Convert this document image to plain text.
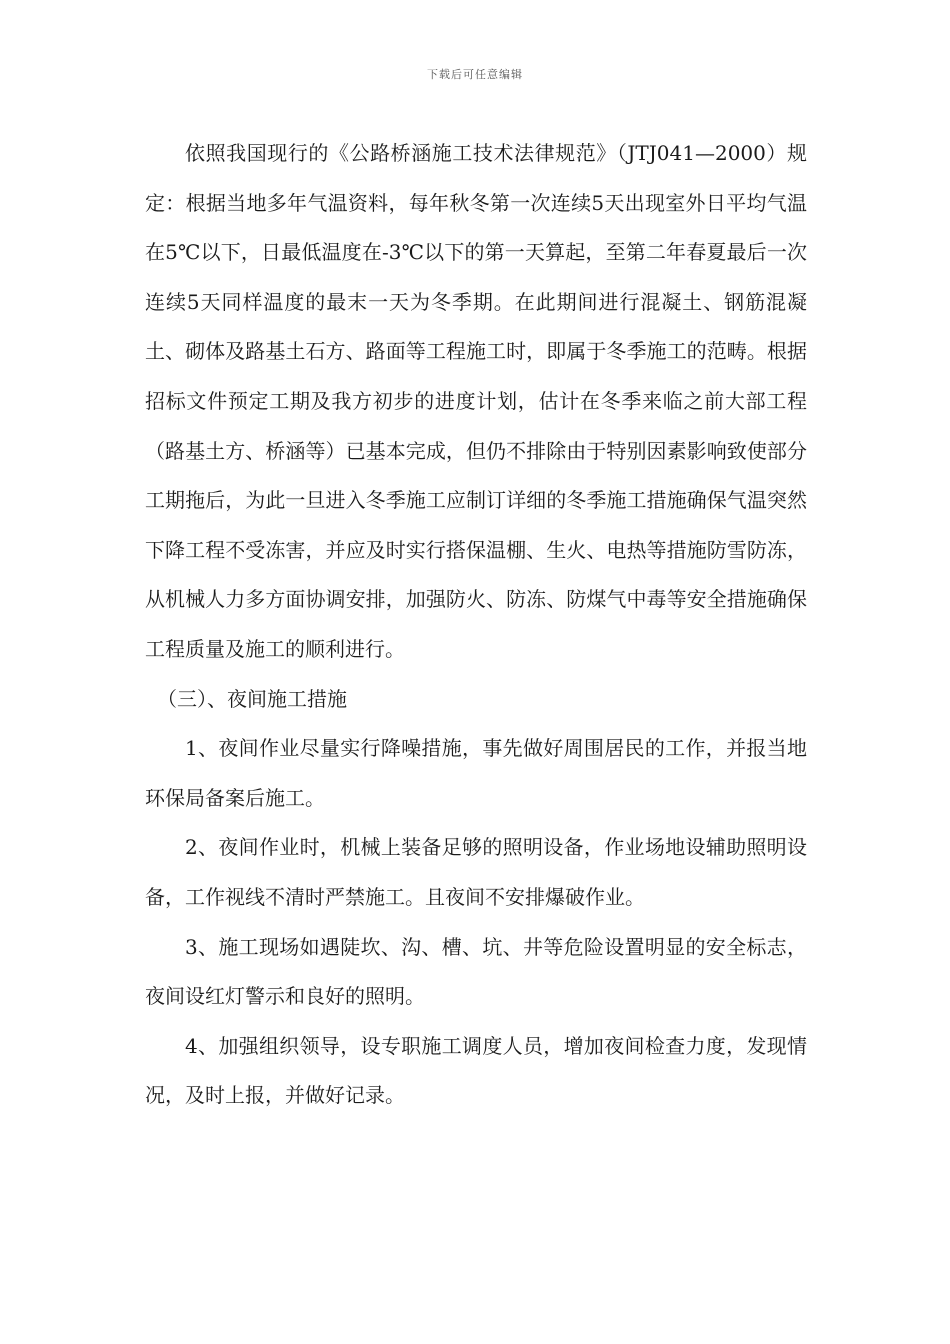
下载后可任意编辑

依照我国现行的《公路桥涵施工技术法律规范》（JTJ041—2000）规定：根据当地多年气温资料，每年秋冬第一次连续5天出现室外日平均气温在5℃以下，日最低温度在-3℃以下的第一天算起，至第二年春夏最后一次连续5天同样温度的最末一天为冬季期。在此期间进行混凝土、钢筋混凝土、砌体及路基土石方、路面等工程施工时，即属于冬季施工的范畴。根据招标文件预定工期及我方初步的进度计划，估计在冬季来临之前大部工程（路基土方、桥涵等）已基本完成，但仍不排除由于特别因素影响致使部分工期拖后，为此一旦进入冬季施工应制订详细的冬季施工措施确保气温突然下降工程不受冻害，并应及时实行搭保温棚、生火、电热等措施防雪防冻，从机械人力多方面协调安排，加强防火、防冻、防煤气中毒等安全措施确保工程质量及施工的顺利进行。

（三）、夜间施工措施

1、夜间作业尽量实行降噪措施，事先做好周围居民的工作，并报当地环保局备案后施工。

2、夜间作业时，机械上装备足够的照明设备，作业场地设辅助照明设备，工作视线不清时严禁施工。且夜间不安排爆破作业。

3、施工现场如遇陡坎、沟、槽、坑、井等危险设置明显的安全标志，夜间设红灯警示和良好的照明。

4、加强组织领导，设专职施工调度人员，增加夜间检查力度，发现情况，及时上报，并做好记录。
